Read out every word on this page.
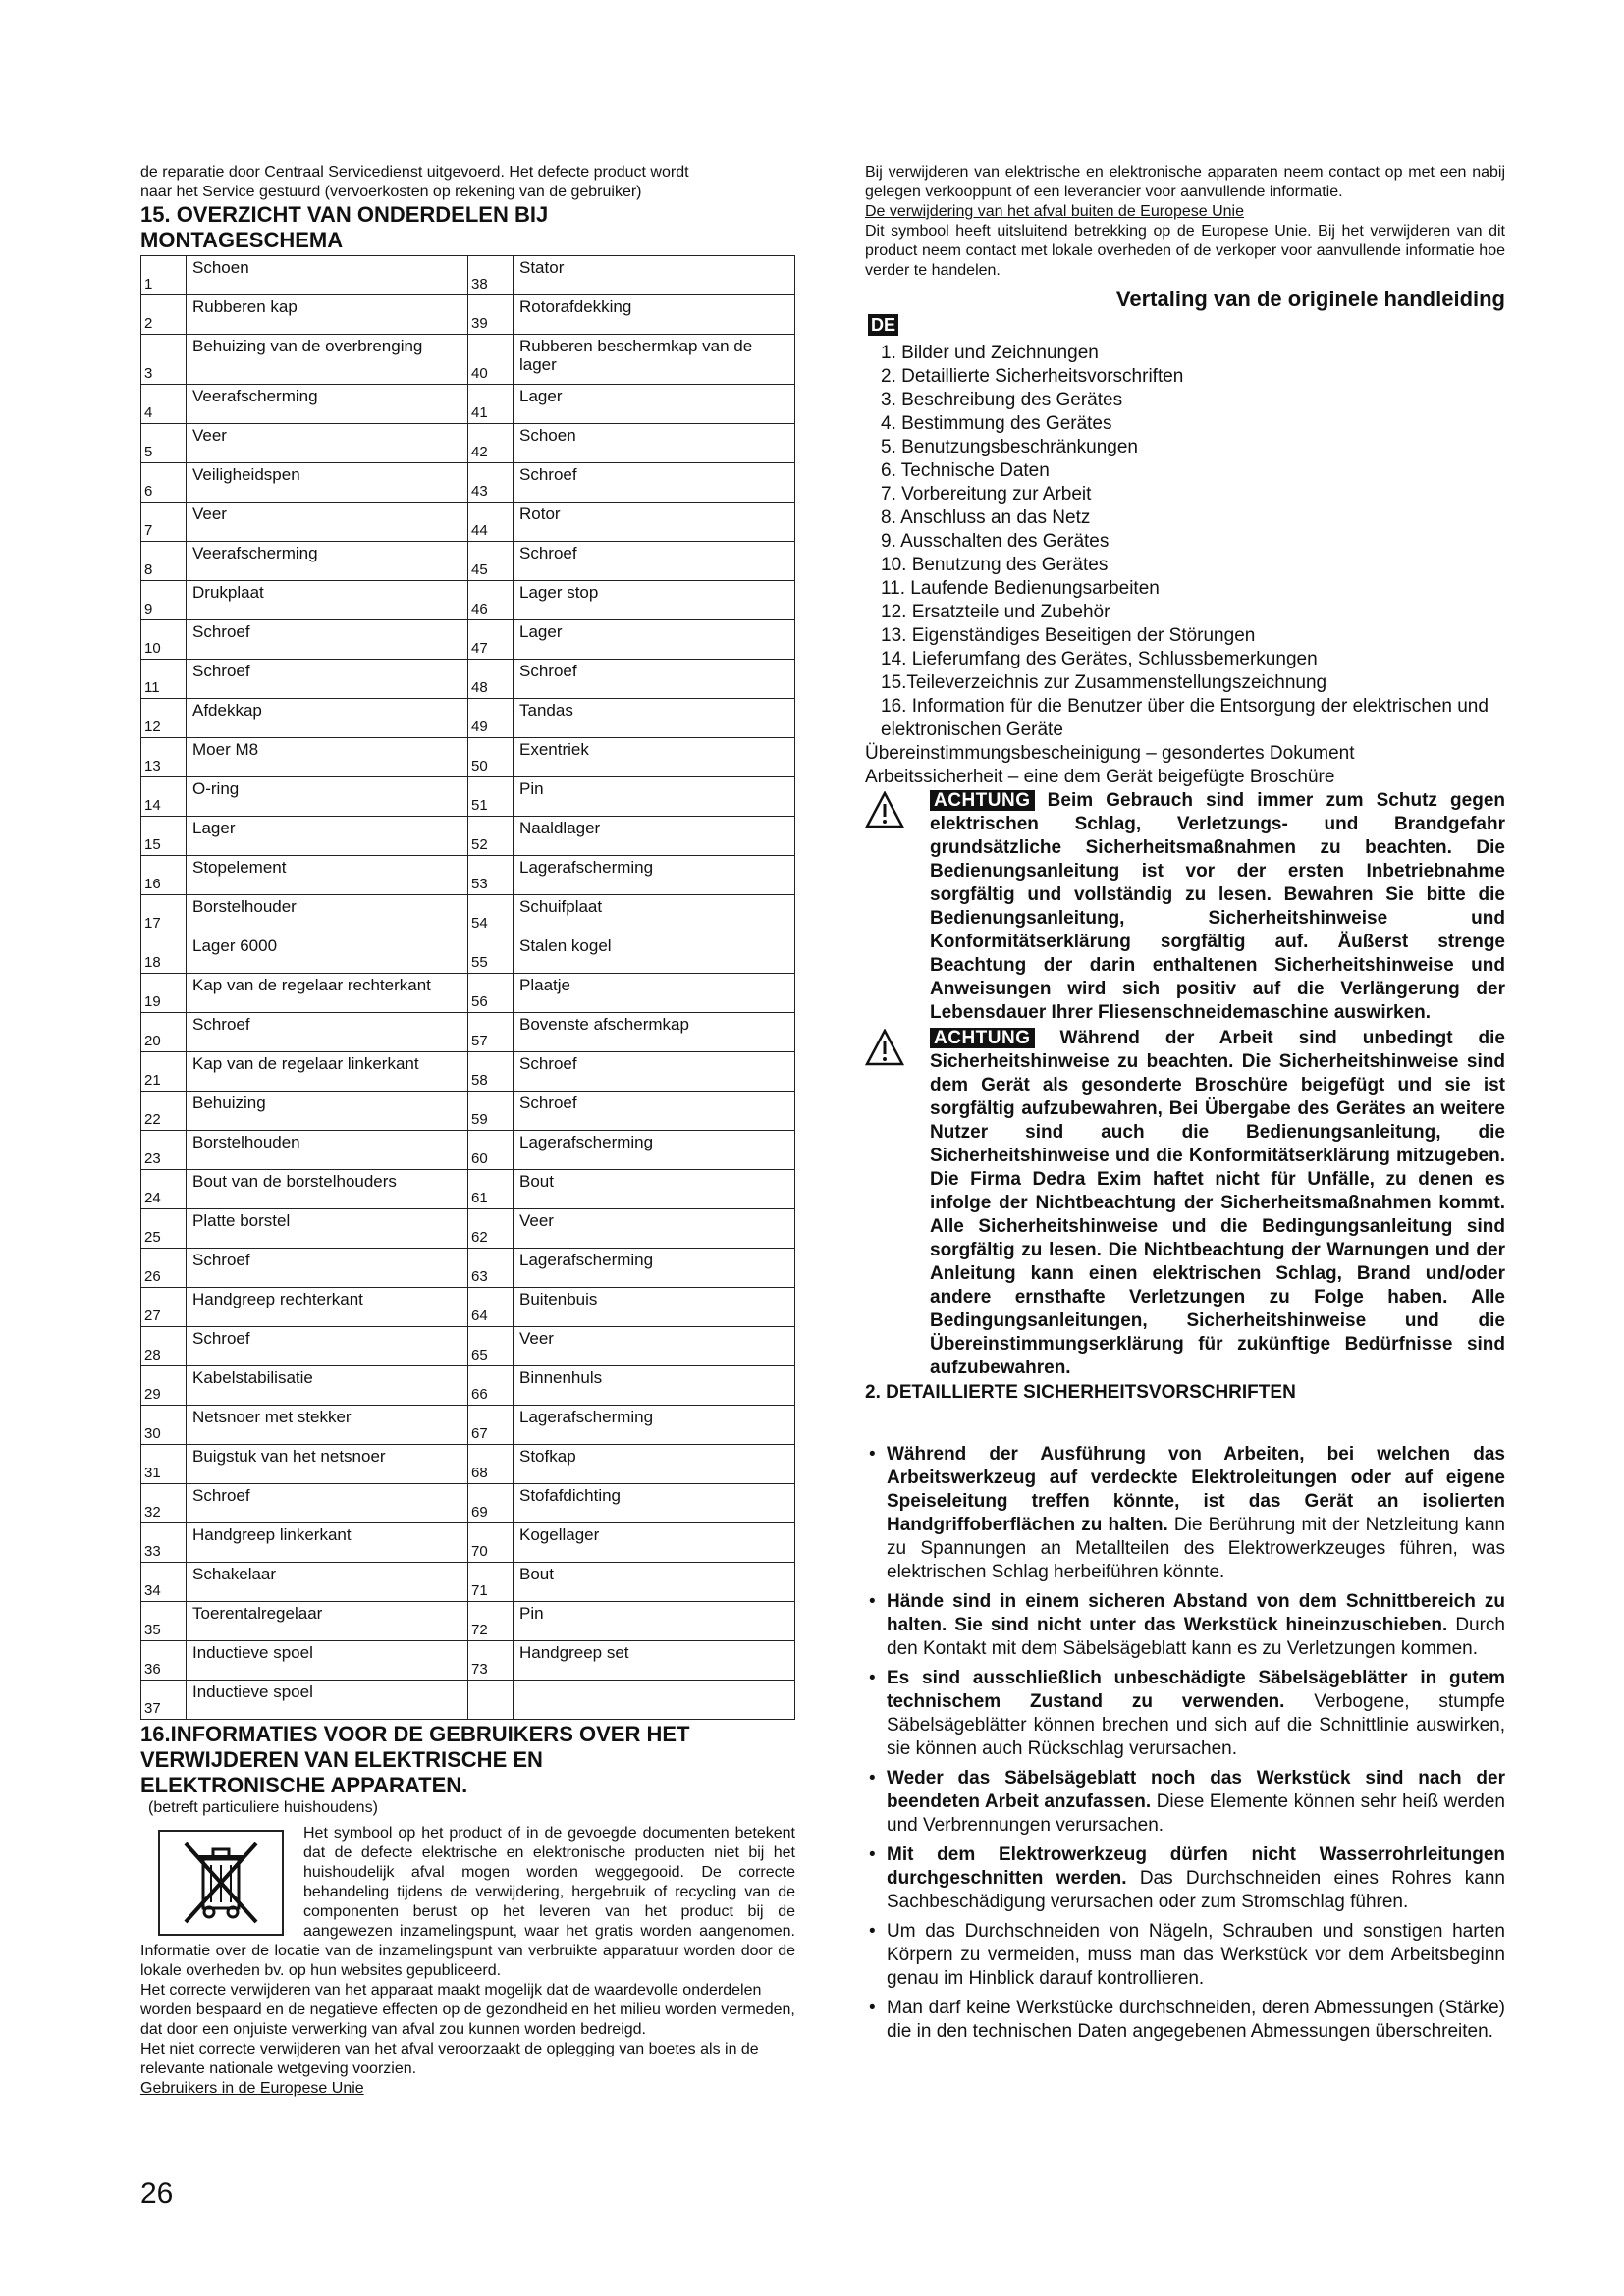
de reparatie door Centraal Servicedienst uitgevoerd. Het defecte product wordt
naar het Service gestuurd (vervoerkosten op rekening van de gebruiker)
15. OVERZICHT VAN ONDERDELEN BIJ
MONTAGESCHEMA
1	Schoen	38	Stator
2	Rubberen kap	39	Rotorafdekking
3	Behuizing van de overbrenging	40	Rubberen beschermkap van de lager
4	Veerafscherming	41	Lager
5	Veer	42	Schoen
6	Veiligheidspen	43	Schroef
7	Veer	44	Rotor
8	Veerafscherming	45	Schroef
9	Drukplaat	46	Lager stop
10	Schroef	47	Lager
11	Schroef	48	Schroef
12	Afdekkap	49	Tandas
13	Moer M8	50	Exentriek
14	O-ring	51	Pin
15	Lager	52	Naaldlager
16	Stopelement	53	Lagerafscherming
17	Borstelhouder	54	Schuifplaat
18	Lager 6000	55	Stalen kogel
19	Kap van de regelaar rechterkant	56	Plaatje
20	Schroef	57	Bovenste afschermkap
21	Kap van de regelaar linkerkant	58	Schroef
22	Behuizing	59	Schroef
23	Borstelhouden	60	Lagerafscherming
24	Bout van de borstelhouders	61	Bout
25	Platte borstel	62	Veer
26	Schroef	63	Lagerafscherming
27	Handgreep rechterkant	64	Buitenbuis
28	Schroef	65	Veer
29	Kabelstabilisatie	66	Binnenhuls
30	Netsnoer met stekker	67	Lagerafscherming
31	Buigstuk van het netsnoer	68	Stofkap
32	Schroef	69	Stofafdichting
33	Handgreep linkerkant	70	Kogellager
34	Schakelaar	71	Bout
35	Toerentalregelaar	72	Pin
36	Inductieve spoel	73	Handgreep set
37	Inductieve spoel		
16.INFORMATIES VOOR DE GEBRUIKERS OVER HET
VERWIJDEREN VAN ELEKTRISCHE EN
ELEKTRONISCHE APPARATEN.
(betreft particuliere huishoudens)
Het symbool op het product of in de gevoegde documenten betekent dat de defecte elektrische en elektronische producten niet bij het huishoudelijk afval mogen worden weggegooid. De correcte behandeling tijdens de verwijdering, hergebruik of recycling van de componenten berust op het leveren van het product bij de aangewezen inzamelingspunt, waar het gratis worden aangenomen. Informatie over de locatie van de inzamelingspunt van verbruikte apparatuur worden door de lokale overheden bv. op hun websites gepubliceerd.
Het correcte verwijderen van het apparaat maakt mogelijk dat de waardevolle onderdelen worden bespaard en de negatieve effecten op de gezondheid en het milieu worden vermeden, dat door een onjuiste verwerking van afval zou kunnen worden bedreigd.
Het niet correcte verwijderen van het afval veroorzaakt de oplegging van boetes als in de relevante nationale wetgeving voorzien.
Gebruikers in de Europese Unie
Bij verwijderen van elektrische en elektronische apparaten neem contact op met een nabij gelegen verkooppunt of een leverancier voor aanvullende informatie.
De verwijdering van het afval buiten de Europese Unie
Dit symbool heeft uitsluitend betrekking op de Europese Unie. Bij het verwijderen van dit product neem contact met lokale overheden of de verkoper voor aanvullende informatie hoe verder te handelen.
Vertaling van de originele handleiding
DE
1. Bilder und Zeichnungen
2. Detaillierte Sicherheitsvorschriften
3. Beschreibung des Gerätes
4. Bestimmung des Gerätes
5. Benutzungsbeschränkungen
6. Technische Daten
7. Vorbereitung zur Arbeit
8. Anschluss an das Netz
9. Ausschalten des Gerätes
10. Benutzung des Gerätes
11. Laufende Bedienungsarbeiten
12. Ersatzteile und Zubehör
13. Eigenständiges Beseitigen der Störungen
14. Lieferumfang des Gerätes, Schlussbemerkungen
15.Teileverzeichnis zur Zusammenstellungszeichnung
16. Information für die Benutzer über die Entsorgung der elektrischen und elektronischen Geräte
Übereinstimmungsbescheinigung – gesondertes Dokument
Arbeitssicherheit – eine dem Gerät beigefügte Broschüre
ACHTUNG Beim Gebrauch sind immer zum Schutz gegen elektrischen Schlag, Verletzungs- und Brandgefahr grundsätzliche Sicherheitsmaßnahmen zu beachten. Die Bedienungsanleitung ist vor der ersten Inbetriebnahme sorgfältig und vollständig zu lesen. Bewahren Sie bitte die Bedienungsanleitung, Sicherheitshinweise und Konformitätserklärung sorgfältig auf. Äußerst strenge Beachtung der darin enthaltenen Sicherheitshinweise und Anweisungen wird sich positiv auf die Verlängerung der Lebensdauer Ihrer Fliesenschneidemaschine auswirken.
ACHTUNG Während der Arbeit sind unbedingt die Sicherheitshinweise zu beachten. Die Sicherheitshinweise sind dem Gerät als gesonderte Broschüre beigefügt und sie ist sorgfältig aufzubewahren, Bei Übergabe des Gerätes an weitere Nutzer sind auch die Bedienungsanleitung, die Sicherheitshinweise und die Konformitätserklärung mitzugeben. Die Firma Dedra Exim haftet nicht für Unfälle, zu denen es infolge der Nichtbeachtung der Sicherheitsmaßnahmen kommt. Alle Sicherheitshinweise und die Bedingungsanleitung sind sorgfältig zu lesen. Die Nichtbeachtung der Warnungen und der Anleitung kann einen elektrischen Schlag, Brand und/oder andere ernsthafte Verletzungen zu Folge haben. Alle Bedingungsanleitungen, Sicherheitshinweise und die Übereinstimmungserklärung für zukünftige Bedürfnisse sind aufzubewahren.
2. DETAILLIERTE SICHERHEITSVORSCHRIFTEN
• Während der Ausführung von Arbeiten, bei welchen das Arbeitswerkzeug auf verdeckte Elektroleitungen oder auf eigene Speiseleitung treffen könnte, ist das Gerät an isolierten Handgriffoberflächen zu halten. Die Berührung mit der Netzleitung kann zu Spannungen an Metallteilen des Elektrowerkzeuges führen, was elektrischen Schlag herbeiführen könnte.
• Hände sind in einem sicheren Abstand von dem Schnittbereich zu halten. Sie sind nicht unter das Werkstück hineinzuschieben. Durch den Kontakt mit dem Säbelsägeblatt kann es zu Verletzungen kommen.
• Es sind ausschließlich unbeschädigte Säbelsägeblätter in gutem technischem Zustand zu verwenden. Verbogene, stumpfe Säbelsägeblätter können brechen und sich auf die Schnittlinie auswirken, sie können auch Rückschlag verursachen.
• Weder das Säbelsägeblatt noch das Werkstück sind nach der beendeten Arbeit anzufassen. Diese Elemente können sehr heiß werden und Verbrennungen verursachen.
• Mit dem Elektrowerkzeug dürfen nicht Wasserrohrleitungen durchgeschnitten werden. Das Durchschneiden eines Rohres kann Sachbeschädigung verursachen oder zum Stromschlag führen.
• Um das Durchschneiden von Nägeln, Schrauben und sonstigen harten Körpern zu vermeiden, muss man das Werkstück vor dem Arbeitsbeginn genau im Hinblick darauf kontrollieren.
• Man darf keine Werkstücke durchschneiden, deren Abmessungen (Stärke) die in den technischen Daten angegebenen Abmessungen überschreiten.
26
